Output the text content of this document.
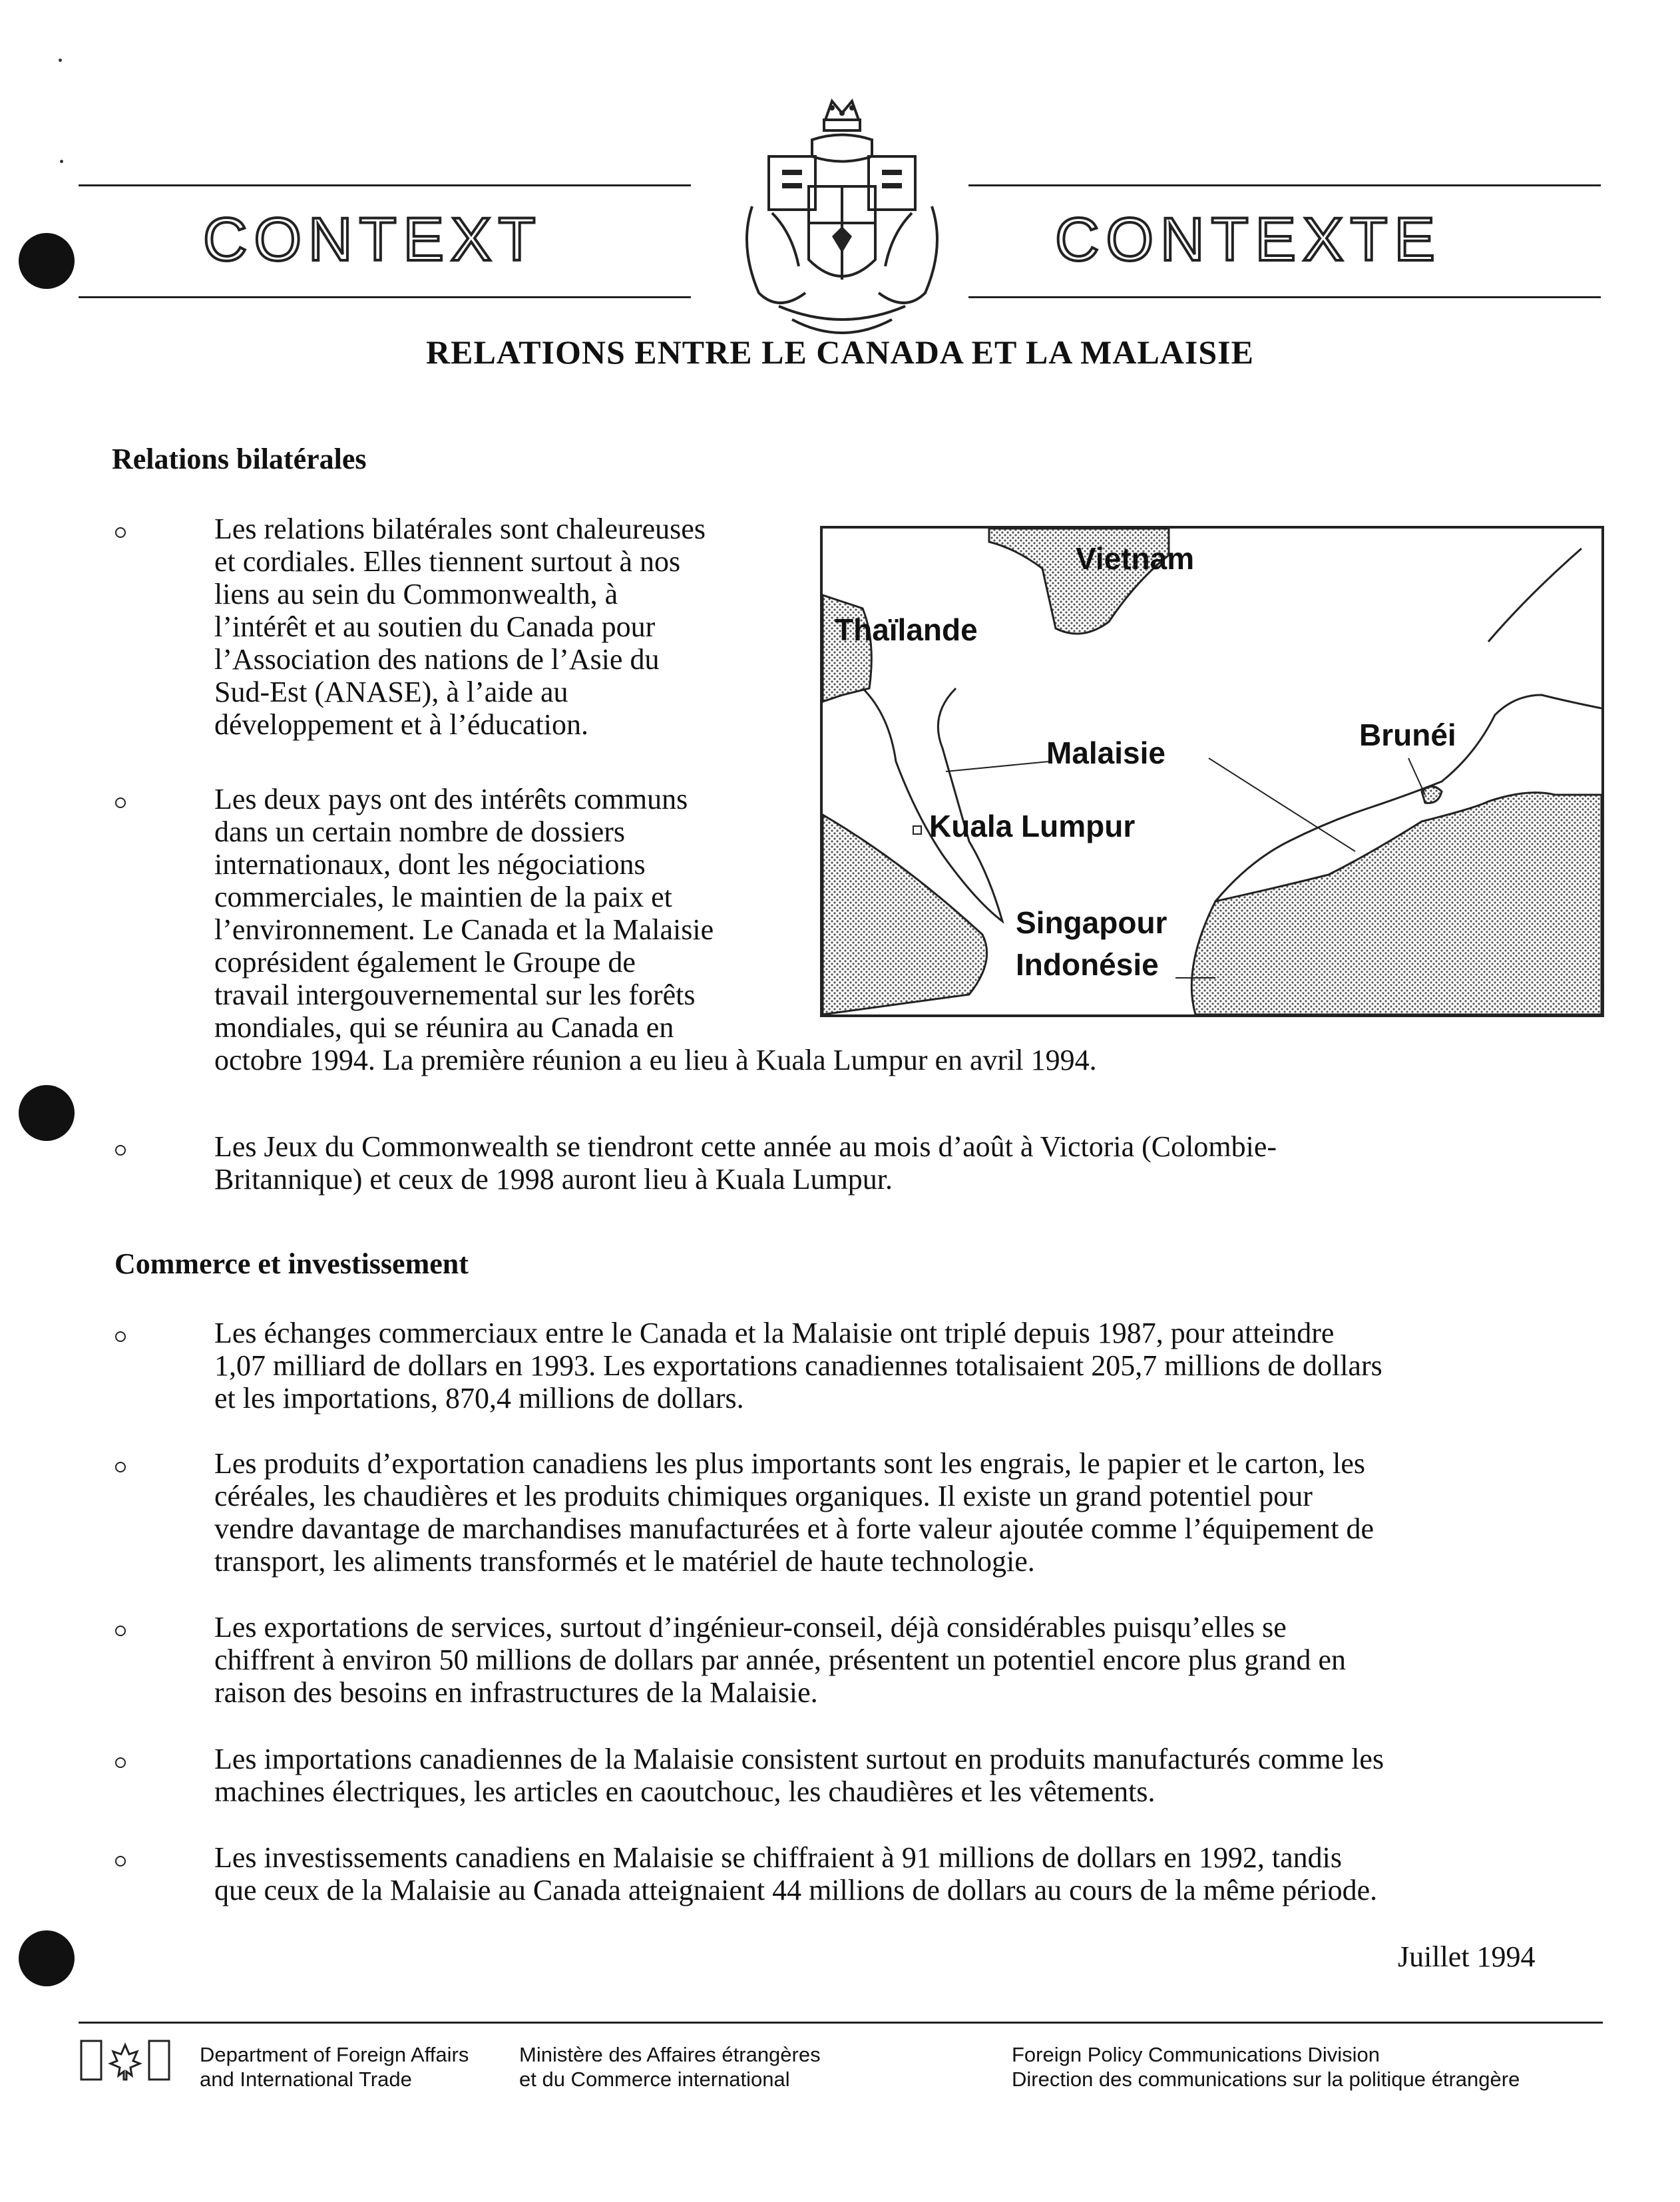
CONTEXT	CONTEXTE
RELATIONS ENTRE LE CANADA ET LA MALAISIE
Relations bilatérales
Les relations bilatérales sont chaleureuses
et cordiales. Elles tiennent surtout à nos
liens au sein du Commonwealth, à
l’intérêt et au soutien du Canada pour
l’Association des nations de l’Asie du
Sud-Est (ANASE), à l’aide au
développement et à l’éducation.
Les deux pays ont des intérêts communs
dans un certain nombre de dossiers
internationaux, dont les négociations
commerciales, le maintien de la paix et
l’environnement. Le Canada et la Malaisie
coprésident également le Groupe de
travail intergouvernemental sur les forêts
mondiales, qui se réunira au Canada en
octobre 1994. La première réunion a eu lieu à Kuala Lumpur en avril 1994.
Les Jeux du Commonwealth se tiendront cette année au mois d’août à Victoria (Colombie-
Britannique) et ceux de 1998 auront lieu à Kuala Lumpur.
Vietnam
Thaïlande
Malaisie
Brunéi
Kuala Lumpur
Singapour
Indonésie
Commerce et investissement
Les échanges commerciaux entre le Canada et la Malaisie ont triplé depuis 1987, pour atteindre
1,07 milliard de dollars en 1993. Les exportations canadiennes totalisaient 205,7 millions de dollars
et les importations, 870,4 millions de dollars.
Les produits d’exportation canadiens les plus importants sont les engrais, le papier et le carton, les
céréales, les chaudières et les produits chimiques organiques. Il existe un grand potentiel pour
vendre davantage de marchandises manufacturées et à forte valeur ajoutée comme l’équipement de
transport, les aliments transformés et le matériel de haute technologie.
Les exportations de services, surtout d’ingénieur-conseil, déjà considérables puisqu’elles se
chiffrent à environ 50 millions de dollars par année, présentent un potentiel encore plus grand en
raison des besoins en infrastructures de la Malaisie.
Les importations canadiennes de la Malaisie consistent surtout en produits manufacturés comme les
machines électriques, les articles en caoutchouc, les chaudières et les vêtements.
Les investissements canadiens en Malaisie se chiffraient à 91 millions de dollars en 1992, tandis
que ceux de la Malaisie au Canada atteignaient 44 millions de dollars au cours de la même période.
Juillet 1994
Department of Foreign Affairs
and International Trade
Ministère des Affaires étrangères
et du Commerce international
Foreign Policy Communications Division
Direction des communications sur la politique étrangère
